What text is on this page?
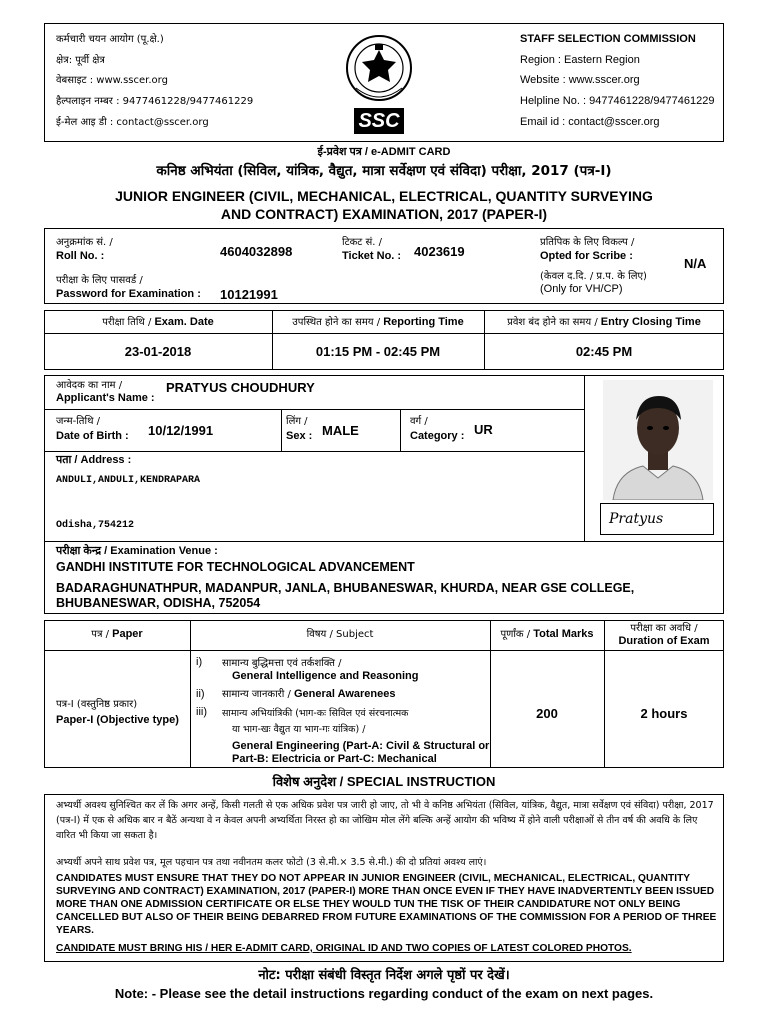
कर्मचारी चयन आयोग (पू.क्षे.)
क्षेत्र: पूर्वी क्षेत्र
वेबसाइट : www.sscer.org
हैल्पलाइन नम्बर : 9477461228/9477461229
ई-मेल आइ डी : contact@sscer.org	SSC
STAFF SELECTION COMMISSION
Region : Eastern Region
Website : www.sscer.org
Helpline No. : 9477461228/9477461229
Email id : contact@sscer.org
ई-प्रवेश पत्र / e-ADMIT CARD
कनिष्ठ अभियंता (सिविल, यांत्रिक, वैद्युत, मात्रा सर्वेक्षण एवं संविदा) परीक्षा, 2017 (पत्र-I)
JUNIOR ENGINEER (CIVIL, MECHANICAL, ELECTRICAL, QUANTITY SURVEYING
AND CONTRACT) EXAMINATION, 2017 (PAPER-I)
अनुक्रमांक सं. /
Roll No. :	4604032898
टिकट सं. /
Ticket No. : 4023619
प्रतिपिक के लिए विकल्प /
Opted for Scribe :	N/A
(केवल द.दि. / प्र.प. के लिए)
(Only for VH/CP)
परीक्षा के लिए पासवर्ड /
Password for Examination : 10121991
परीक्षा तिथि / Exam. Date	उपस्थित होने का समय / Reporting Time	प्रवेश बंद होने का समय / Entry Closing Time
23-01-2018	01:15 PM - 02:45 PM	02:45 PM
आवेदक का नाम /
Applicant's Name :
PRATYUS CHOUDHURY
जन्म-तिथि /
Date of Birth : 10/12/1991
लिंग /
Sex : MALE
वर्ग /
Category : UR
पता / Address :
ANDULI,ANDULI,KENDRAPARA
Odisha,754212	Pratyus
परीक्षा केन्द्र / Examination Venue :
GANDHI INSTITUTE FOR TECHNOLOGICAL ADVANCEMENT
BADARAGHUNATHPUR, MADANPUR, JANLA, BHUBANESWAR, KHURDA, NEAR GSE COLLEGE,
BHUBANESWAR, ODISHA, 752054
पत्र / Paper	विषय / Subject	पूर्णांक / Total Marks	परीक्षा का अवधि /
Duration of Exam
पत्र-I (वस्तुनिष्ठ प्रकार)
Paper-I (Objective type)
i) सामान्य बुद्धिमत्ता एवं तर्कशक्ति /
General Intelligence and Reasoning
ii) सामान्य जानकारी / General Awarenees
iii) सामान्य अभियांत्रिकी (भाग-कः सिविल एवं संरचनात्मक
या भाग-खः वैद्युत या भाग-गः यांत्रिक) /
General Engineering (Part-A: Civil & Structural or
Part-B: Electricia or Part-C: Mechanical
200	2 hours
विशेष अनुदेश / SPECIAL INSTRUCTION
अभ्यर्थी अवश्य सुनिश्चित कर लें कि अगर अन्हें, किसी गलती से एक अधिक प्रवेश पत्र जारी हो जाए, तो भी वे कनिष्ठ अभियंता (सिविल, यांत्रिक, वैद्युत, मात्रा सर्वेक्षण एवं संविदा) परीक्षा, 2017 (पत्र-I) में एक से अधिक बार न बैठें अन्यथा वे न केवल अपनी अभ्यर्थिता निरस्त हो का जोखिम मोल लेंगे बल्कि अन्हें आयोग की भविष्य में होने वाली परीक्षाओं से तीन वर्ष की अवधि के लिए वारित भी किया जा सकता है।
अभ्यर्थी अपने साथ प्रवेश पत्र, मूल पहचान पत्र तथा नवीनतम कलर फोटो (3 से.मी.× 3.5 से.मी.) की दो प्रतियां अवश्य लाएं।
CANDIDATES MUST ENSURE THAT THEY DO NOT APPEAR IN JUNIOR ENGINEER (CIVIL, MECHANICAL, ELECTRICAL, QUANTITY SURVEYING AND CONTRACT) EXAMINATION, 2017 (PAPER-I) MORE THAN ONCE EVEN IF THEY HAVE INADVERTENTLY BEEN ISSUED MORE THAN ONE ADMISSION CERTIFICATE OR ELSE THEY WOULD TUN THE TISK OF THEIR CANDIDATURE NOT ONLY BEING CANCELLED BUT ALSO OF THEIR BEING DEBARRED FROM FUTURE EXAMINATIONS OF THE COMMISSION FOR A PERIOD OF THREE YEARS.
CANDIDATE MUST BRING HIS / HER E-ADMIT CARD, ORIGINAL ID AND TWO COPIES OF LATEST COLORED PHOTOS.
नोट: परीक्षा संबंधी विस्तृत निर्देश अगले पृष्ठों पर देखें।
Note: - Please see the detail instructions regarding conduct of the exam on next pages.
